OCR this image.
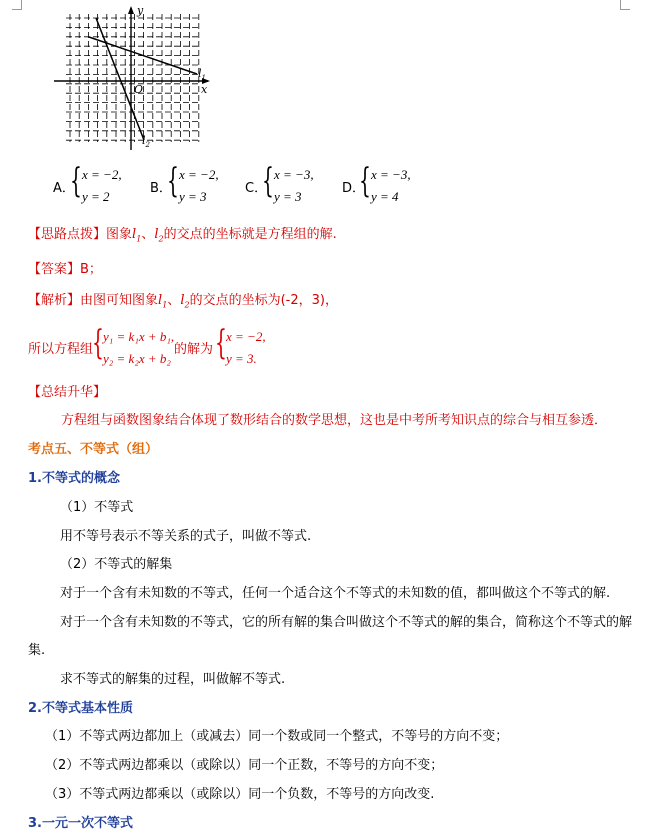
y
x
O
$l_1$
$l_2$
A．
{ x = −2,
y = 2
B．
{ x = −2,
y = 3
C．
{ x = −3,
y = 3
D．
{ x = −3,
y = 4
【思路点拨】图象$l_1$、$l_2$的交点的坐标就是方程组的解.
【答案】B；
【解析】由图可知图象$l_1$、$l_2$的交点的坐标为(-2，3)，
所以方程组
{ y₁ = k₁x + b₁,
y₂ = k₂x + b₂
的解为 { x = −2,
y = 3.
【总结升华】
方程组与函数图象结合体现了数形结合的数学思想，这也是中考所考知识点的综合与相互参透．
考点五、不等式（组）
1.不等式的概念
（1）不等式
用不等号表示不等关系的式子，叫做不等式.
（2）不等式的解集
对于一个含有未知数的不等式，任何一个适合这个不等式的未知数的值，都叫做这个不等式的解.
对于一个含有未知数的不等式，它的所有解的集合叫做这个不等式的解的集合，简称这个不等式的解
集.
求不等式的解集的过程，叫做解不等式.
2.不等式基本性质
（1）不等式两边都加上（或减去）同一个数或同一个整式，不等号的方向不变；
（2）不等式两边都乘以（或除以）同一个正数，不等号的方向不变；
（3）不等式两边都乘以（或除以）同一个负数，不等号的方向改变.
3.一元一次不等式
